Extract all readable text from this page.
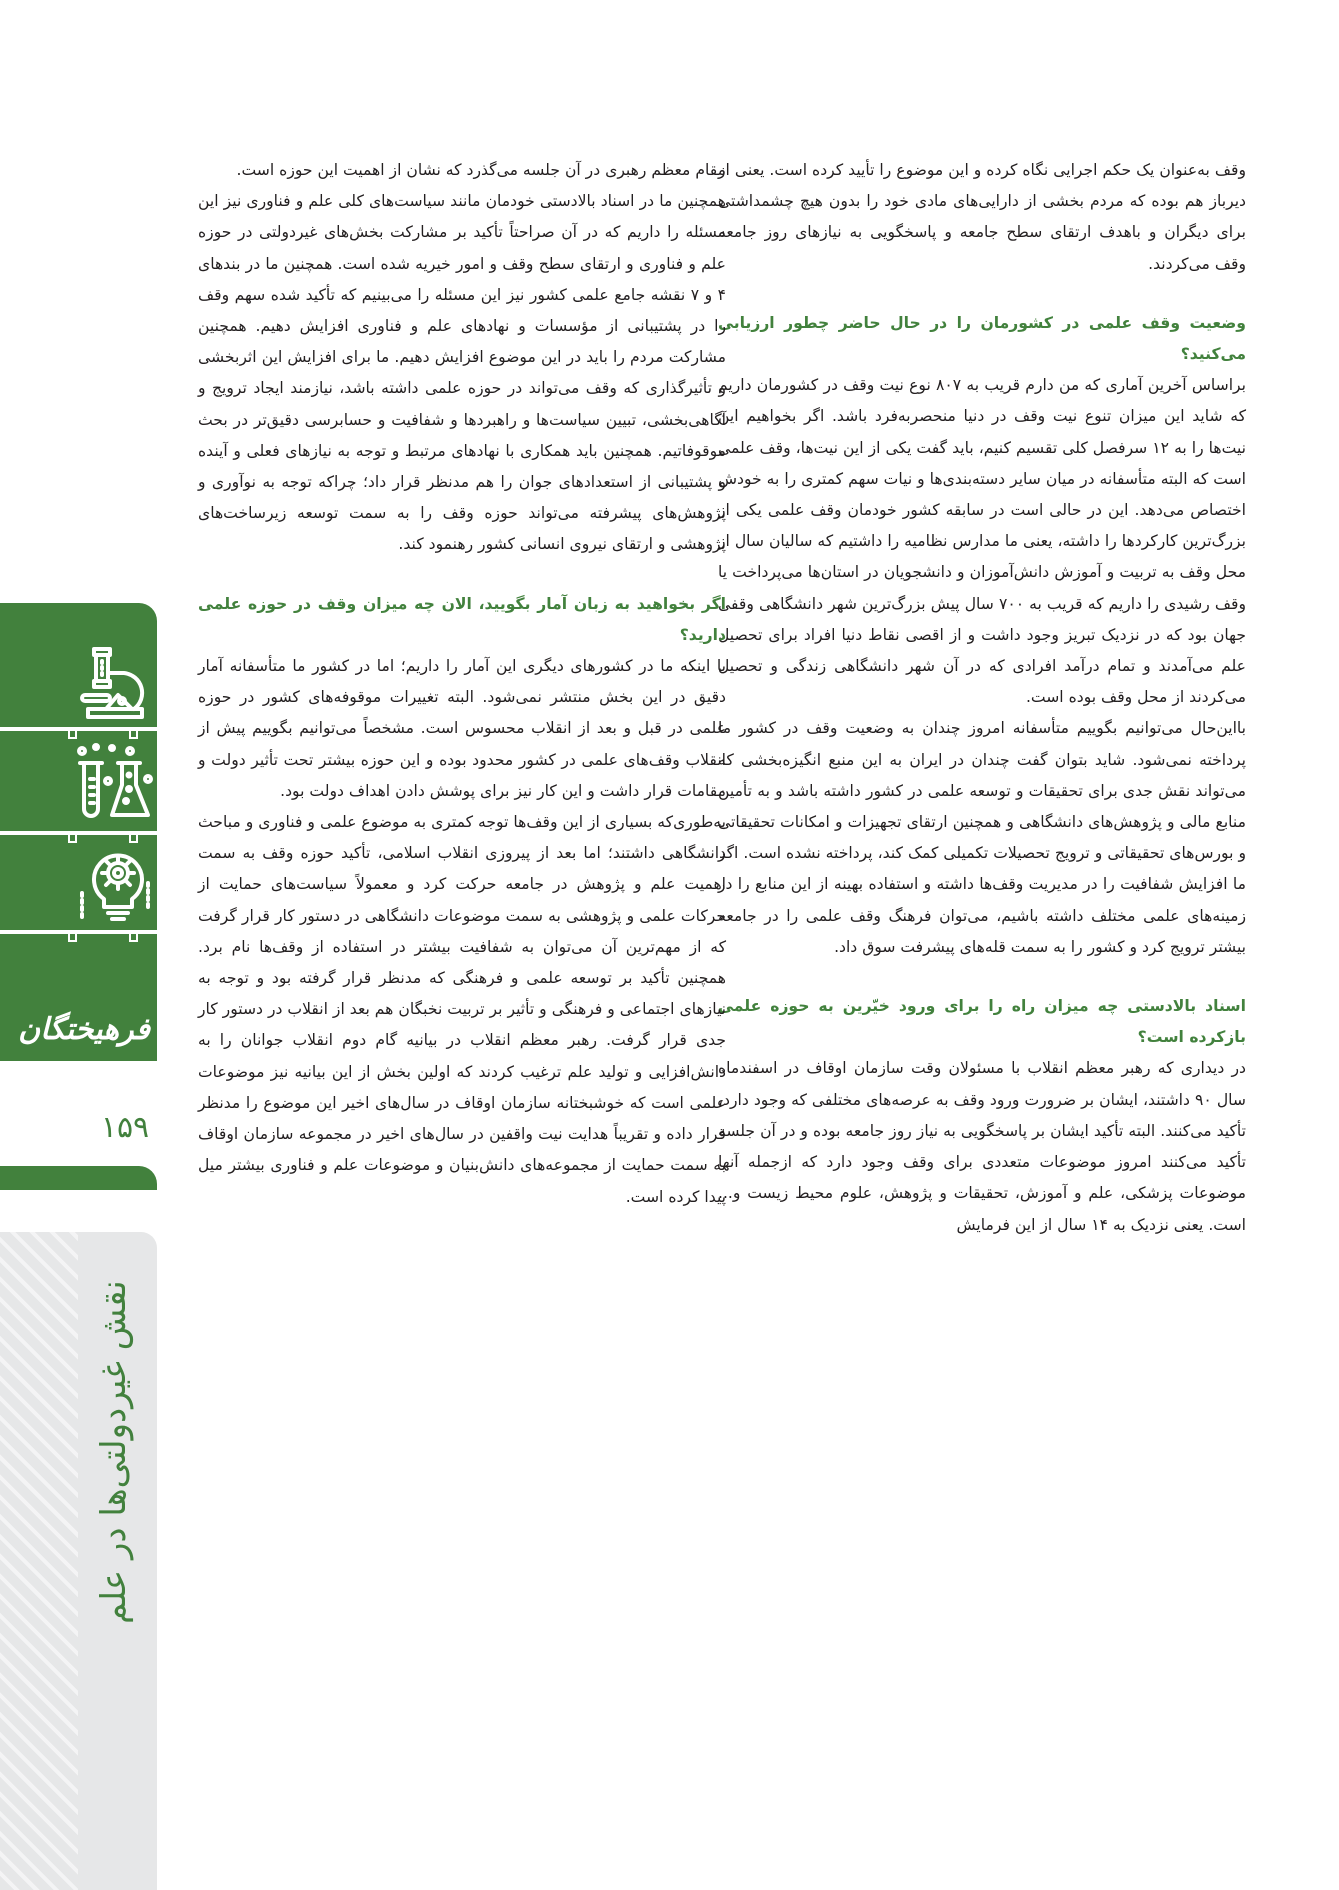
فرهیختگان
۱۵۹
نقش غیردولتی‌ها در علم

وقف به‌عنوان یک حکم اجرایی نگاه کرده و این موضوع را تأیید کرده است. یعنی از دیرباز هم بوده که مردم بخشی از دارایی‌های مادی خود را بدون هیچ چشمداشتی برای دیگران و باهدف ارتقای سطح جامعه و پاسخگویی به نیازهای روز جامعه وقف می‌کردند.

وضعیت وقف علمی در کشورمان را در حال حاضر چطور ارزیابی می‌کنید؟

براساس آخرین آماری که من دارم قریب به ۸۰۷ نوع نیت وقف در کشورمان داریم که شاید این میزان تنوع نیت وقف در دنیا منحصربه‌فرد باشد. اگر بخواهیم این نیت‌ها را به ۱۲ سرفصل کلی تقسیم کنیم، باید گفت یکی از این نیت‌ها، وقف علمی است که البته متأسفانه در میان سایر دسته‌بندی‌ها و نیات سهم کمتری را به خودش اختصاص می‌دهد. این در حالی است در سابقه کشور خودمان وقف علمی یکی از بزرگ‌ترین کارکردها را داشته، یعنی ما مدارس نظامیه را داشتیم که سالیان سال از محل وقف به تربیت و آموزش دانش‌آموزان و دانشجویان در استان‌ها می‌پرداخت یا وقف رشیدی را داریم که قریب به ۷۰۰ سال پیش بزرگ‌ترین شهر دانشگاهی وقفی جهان بود که در نزدیک تبریز وجود داشت و از اقصی نقاط دنیا افراد برای تحصیل علم می‌آمدند و تمام درآمد افرادی که در آن شهر دانشگاهی زندگی و تحصیل می‌کردند از محل وقف بوده است.

بااین‌حال می‌توانیم بگوییم متأسفانه امروز چندان به وضعیت وقف در کشور ما پرداخته نمی‌شود. شاید بتوان گفت چندان در ایران به این منبع انگیزه‌بخشی که می‌تواند نقش جدی برای تحقیقات و توسعه علمی در کشور داشته باشد و به تأمین منابع مالی و پژوهش‌های دانشگاهی و همچنین ارتقای تجهیزات و امکانات تحقیقاتی و بورس‌های تحقیقاتی و ترویج تحصیلات تکمیلی کمک کند، پرداخته نشده است. اگر ما افزایش شفافیت را در مدیریت وقف‌ها داشته و استفاده بهینه از این منابع را در زمینه‌های علمی مختلف داشته باشیم، می‌توان فرهنگ وقف علمی را در جامعه بیشتر ترویج کرد و کشور را به سمت قله‌های پیشرفت سوق داد.

اسناد بالادستی چه میزان راه را برای ورود خیّرین به حوزه علمی بازکرده است؟

در دیداری که رهبر معظم انقلاب با مسئولان وقت سازمان اوقاف در اسفندماه سال ۹۰ داشتند، ایشان بر ضرورت ورود وقف به عرصه‌های مختلفی که وجود دارد، تأکید می‌کنند. البته تأکید ایشان بر پاسخگویی به نیاز روز جامعه بوده و در آن جلسه تأکید می‌کنند امروز موضوعات متعددی برای وقف وجود دارد که ازجمله آنها موضوعات پزشکی، علم و آموزش، تحقیقات و پژوهش، علوم محیط زیست و... است. یعنی نزدیک به ۱۴ سال از این فرمایش

مقام معظم رهبری در آن جلسه می‌گذرد که نشان از اهمیت این حوزه است.

همچنین ما در اسناد بالادستی خودمان مانند سیاست‌های کلی علم و فناوری نیز این مسئله را داریم که در آن صراحتاً تأکید بر مشارکت بخش‌های غیردولتی در حوزه علم و فناوری و ارتقای سطح وقف و امور خیریه شده است. همچنین ما در بندهای ۴ و ۷ نقشه جامع علمی کشور نیز این مسئله را می‌بینیم که تأکید شده سهم وقف را در پشتیبانی از مؤسسات و نهادهای علم و فناوری افزایش دهیم. همچنین مشارکت مردم را باید در این موضوع افزایش دهیم. ما برای افزایش این اثربخشی و تأثیرگذاری که وقف می‌تواند در حوزه علمی داشته باشد، نیازمند ایجاد ترویج و آگاهی‌بخشی، تبیین سیاست‌ها و راهبردها و شفافیت و حسابرسی دقیق‌تر در بحث موقوفاتیم. همچنین باید همکاری با نهادهای مرتبط و توجه به نیازهای فعلی و آینده و پشتیبانی از استعدادهای جوان را هم مدنظر قرار داد؛ چراکه توجه به نوآوری و پژوهش‌های پیشرفته می‌تواند حوزه وقف را به سمت توسعه زیرساخت‌های پژوهشی و ارتقای نیروی انسانی کشور رهنمود کند.

اگر بخواهید به زبان آمار بگویید، الان چه میزان وقف در حوزه علمی دارید؟

با اینکه ما در کشورهای دیگری این آمار را داریم؛ اما در کشور ما متأسفانه آمار دقیق در این بخش منتشر نمی‌شود. البته تغییرات موقوفه‌های کشور در حوزه علمی در قبل و بعد از انقلاب محسوس است. مشخصاً می‌توانیم بگوییم پیش از انقلاب وقف‌های علمی در کشور محدود بوده و این حوزه بیشتر تحت تأثیر دولت و مقامات قرار داشت و این کار نیز برای پوشش دادن اهداف دولت بود.

به‌طوری‌که بسیاری از این وقف‌ها توجه کمتری به موضوع علمی و فناوری و مباحث دانشگاهی داشتند؛ اما بعد از پیروزی انقلاب اسلامی، تأکید حوزه وقف به سمت اهمیت علم و پژوهش در جامعه حرکت کرد و معمولاً سیاست‌های حمایت از حرکات علمی و پژوهشی به سمت موضوعات دانشگاهی در دستور کار قرار گرفت که از مهم‌ترین آن می‌توان به شفافیت بیشتر در استفاده از وقف‌ها نام برد. همچنین تأکید بر توسعه علمی و فرهنگی که مدنظر قرار گرفته بود و توجه به نیازهای اجتماعی و فرهنگی و تأثیر بر تربیت نخبگان هم بعد از انقلاب در دستور کار جدی قرار گرفت. رهبر معظم انقلاب در بیانیه گام دوم انقلاب جوانان را به دانش‌افزایی و تولید علم ترغیب کردند که اولین بخش از این بیانیه نیز موضوعات علمی است که خوشبختانه سازمان اوقاف در سال‌های اخیر این موضوع را مدنظر قرار داده و تقریباً هدایت نیت واقفین در سال‌های اخیر در مجموعه سازمان اوقاف به سمت حمایت از مجموعه‌های دانش‌بنیان و موضوعات علم و فناوری بیشتر میل پیدا کرده است.
